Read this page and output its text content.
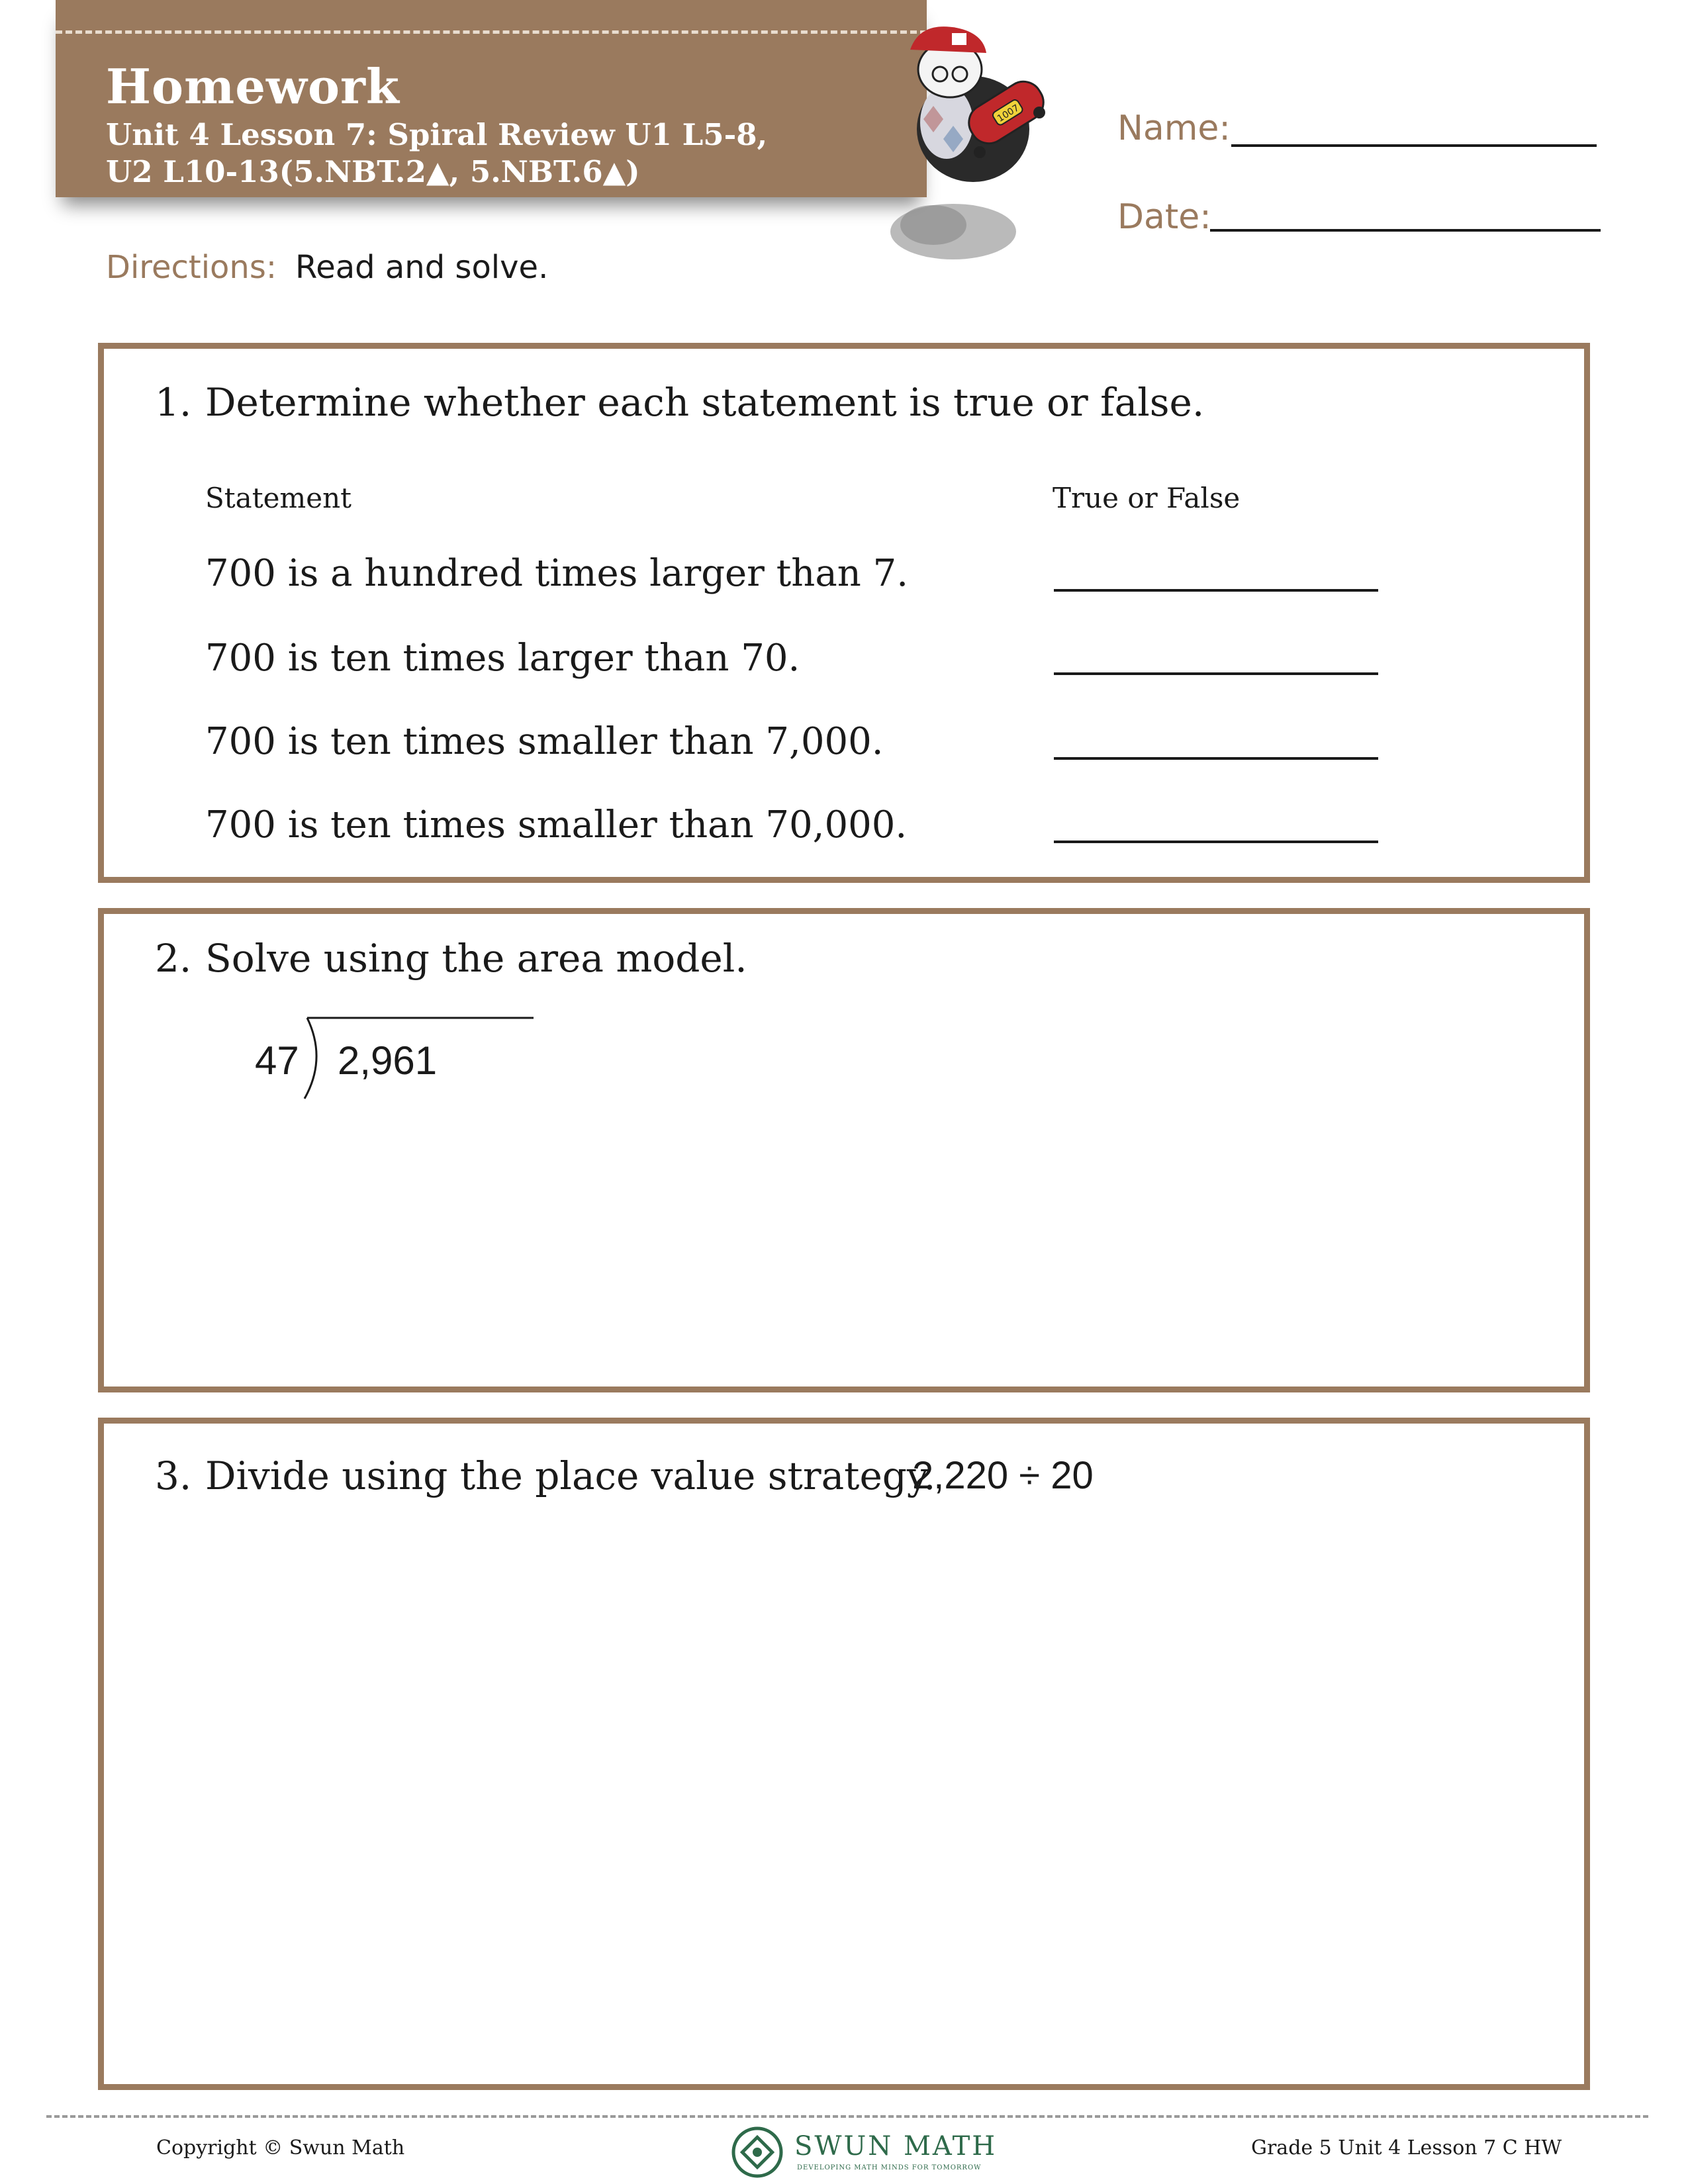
Homework
Unit 4 Lesson 7: Spiral Review U1 L5-8,
U2 L10-13(5.NBT.2▲, 5.NBT.6▲)
1007	Name:
Date:
Directions: Read and solve.
1. Determine whether each statement is true or false.
Statement	True or False
700 is a hundred times larger than 7.
700 is ten times larger than 70.
700 is ten times smaller than 7,000.
700 is ten times smaller than 70,000.
2. Solve using the area model.
47 2,961
3. Divide using the place value strategy.
2,220 ÷ 20
Copyright © Swun Math	SWUN MATH
DEVELOPING MATH MINDS FOR TOMORROW
Grade 5 Unit 4 Lesson 7 C HW
